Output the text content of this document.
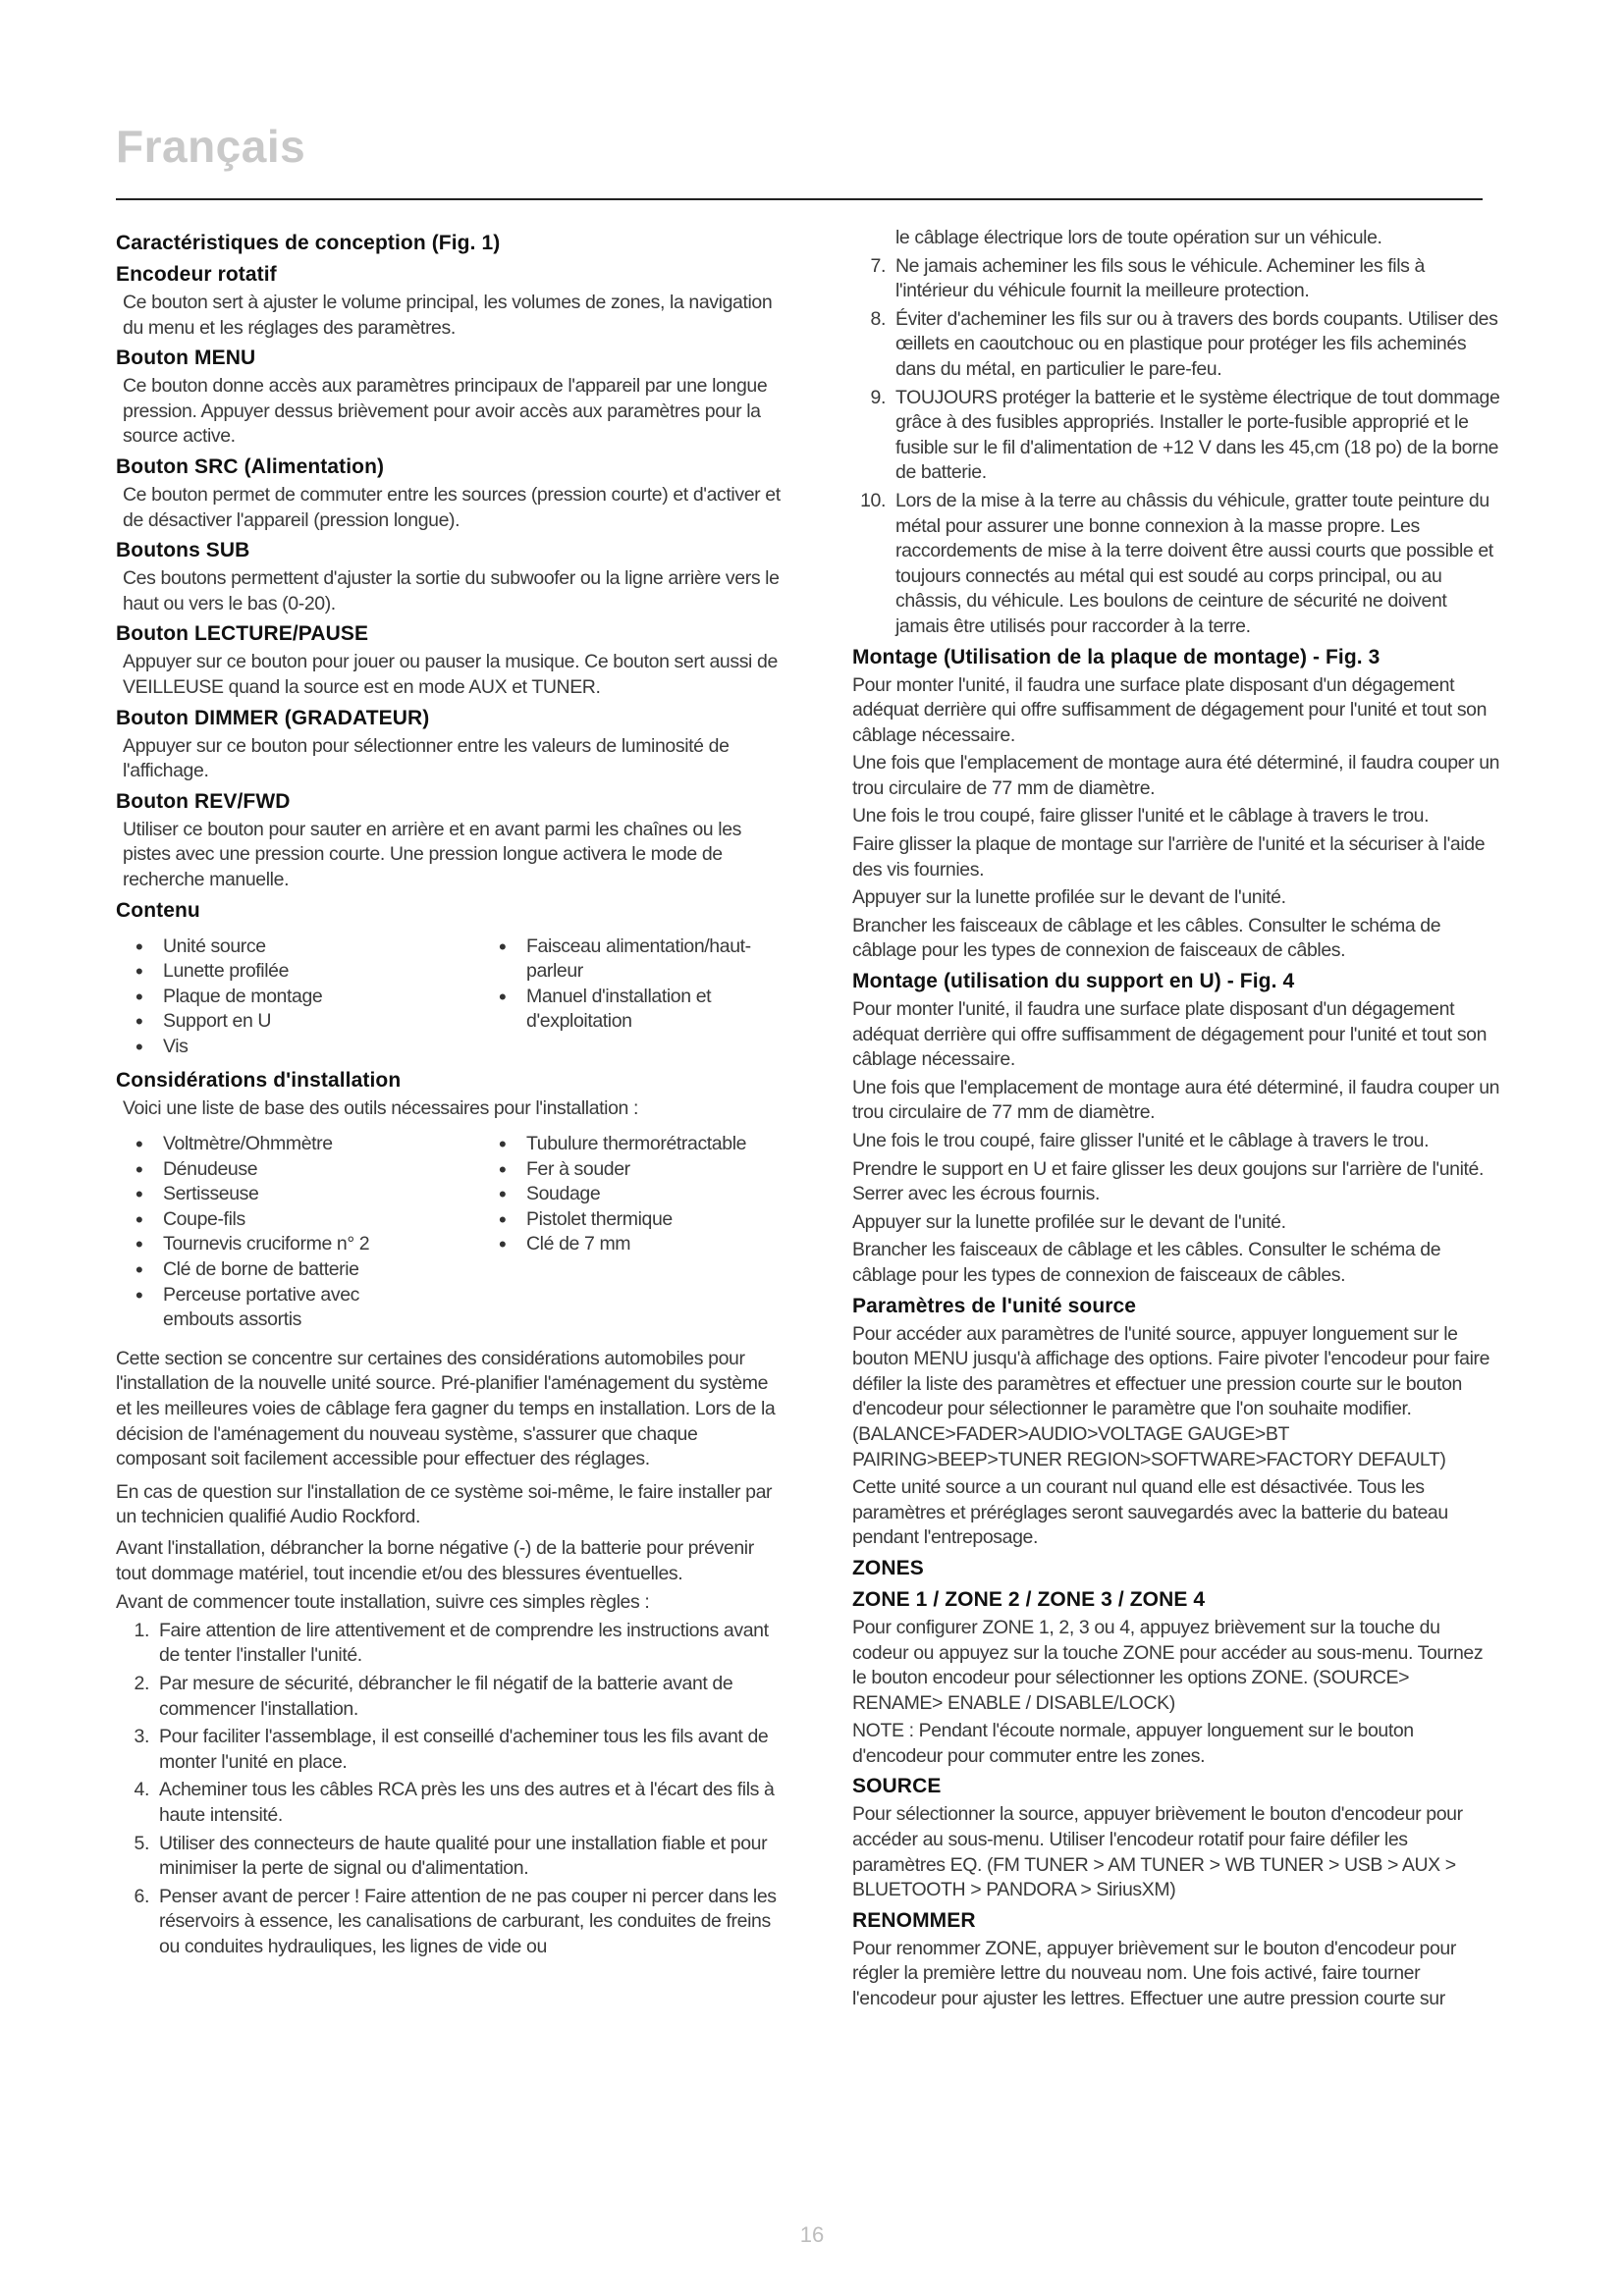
Français
Caractéristiques de conception (Fig. 1)
Encodeur rotatif

Ce bouton sert à ajuster le volume principal, les volumes de zones, la navigation du menu et les réglages des paramètres.

Bouton MENU

Ce bouton donne accès aux paramètres principaux de l'appareil par une longue pression. Appuyer dessus brièvement pour avoir accès aux paramètres pour la source active.

Bouton SRC (Alimentation)

Ce bouton permet de commuter entre les sources (pression courte) et d'activer et de désactiver l'appareil (pression longue).

Boutons SUB

Ces boutons permettent d'ajuster la sortie du subwoofer ou la ligne arrière vers le haut ou vers le bas (0-20).

Bouton LECTURE/PAUSE

Appuyer sur ce bouton pour jouer ou pauser la musique. Ce bouton sert aussi de VEILLEUSE quand la source est en mode AUX et TUNER.

Bouton DIMMER (GRADATEUR)

Appuyer sur ce bouton pour sélectionner entre les valeurs de luminosité de l'affichage.

Bouton REV/FWD

Utiliser ce bouton pour sauter en arrière et en avant parmi les chaînes ou les pistes avec une pression courte. Une pression longue activera le mode de recherche manuelle.

Contenu
• Unité source
• Lunette profilée
• Plaque de montage
• Support en U
• Vis
• Faisceau alimentation/haut-parleur
• Manuel d'installation et d'exploitation
Considérations d'installation

Voici une liste de base des outils nécessaires pour l'installation :

• Voltmètre/Ohmmètre
• Dénudeuse
• Sertisseuse
• Coupe-fils
• Tournevis cruciforme n° 2
• Clé de borne de batterie
• Perceuse portative avec embouts assortis
• Tubulure thermorétractable
• Fer à souder
• Soudage
• Pistolet thermique
• Clé de 7 mm

Cette section se concentre sur certaines des considérations automobiles pour l'installation de la nouvelle unité source. Pré-planifier l'aménagement du système et les meilleures voies de câblage fera gagner du temps en installation. Lors de la décision de l'aménagement du nouveau système, s'assurer que chaque composant soit facilement accessible pour effectuer des réglages.

En cas de question sur l'installation de ce système soi-même, le faire installer par un technicien qualifié Audio Rockford.

Avant l'installation, débrancher la borne négative (-) de la batterie pour prévenir tout dommage matériel, tout incendie et/ou des blessures éventuelles.

Avant de commencer toute installation, suivre ces simples règles :

1. Faire attention de lire attentivement et de comprendre les instructions avant de tenter l'installer l'unité.
2. Par mesure de sécurité, débrancher le fil négatif de la batterie avant de commencer l'installation.
3. Pour faciliter l'assemblage, il est conseillé d'acheminer tous les fils avant de monter l'unité en place.
4. Acheminer tous les câbles RCA près les uns des autres et à l'écart des fils à haute intensité.
5. Utiliser des connecteurs de haute qualité pour une installation fiable et pour minimiser la perte de signal ou d'alimentation.
6. Penser avant de percer ! Faire attention de ne pas couper ni percer dans les réservoirs à essence, les canalisations de carburant, les conduites de freins ou conduites hydrauliques, les lignes de vide ou

le câblage électrique lors de toute opération sur un véhicule.

7. Ne jamais acheminer les fils sous le véhicule. Acheminer les fils à l'intérieur du véhicule fournit la meilleure protection.
8. Éviter d'acheminer les fils sur ou à travers des bords coupants. Utiliser des œillets en caoutchouc ou en plastique pour protéger les fils acheminés dans du métal, en particulier le pare-feu.
9. TOUJOURS protéger la batterie et le système électrique de tout dommage grâce à des fusibles appropriés. Installer le porte-fusible approprié et le fusible sur le fil d'alimentation de +12 V dans les 45,cm (18 po) de la borne de batterie.
10. Lors de la mise à la terre au châssis du véhicule, gratter toute peinture du métal pour assurer une bonne connexion à la masse propre. Les raccordements de mise à la terre doivent être aussi courts que possible et toujours connectés au métal qui est soudé au corps principal, ou au châssis, du véhicule. Les boulons de ceinture de sécurité ne doivent jamais être utilisés pour raccorder à la terre.
Montage (Utilisation de la plaque de montage) - Fig. 3

Pour monter l'unité, il faudra une surface plate disposant d'un dégagement adéquat derrière qui offre suffisamment de dégagement pour l'unité et tout son câblage nécessaire.

Une fois que l'emplacement de montage aura été déterminé, il faudra couper un trou circulaire de 77 mm de diamètre.

Une fois le trou coupé, faire glisser l'unité et le câblage à travers le trou.

Faire glisser la plaque de montage sur l'arrière de l'unité et la sécuriser à l'aide des vis fournies.

Appuyer sur la lunette profilée sur le devant de l'unité.

Brancher les faisceaux de câblage et les câbles. Consulter le schéma de câblage pour les types de connexion de faisceaux de câbles.

Montage (utilisation du support en U) - Fig. 4

Pour monter l'unité, il faudra une surface plate disposant d'un dégagement adéquat derrière qui offre suffisamment de dégagement pour l'unité et tout son câblage nécessaire.

Une fois que l'emplacement de montage aura été déterminé, il faudra couper un trou circulaire de 77 mm de diamètre.

Une fois le trou coupé, faire glisser l'unité et le câblage à travers le trou.

Prendre le support en U et faire glisser les deux goujons sur l'arrière de l'unité. Serrer avec les écrous fournis.

Appuyer sur la lunette profilée sur le devant de l'unité.

Brancher les faisceaux de câblage et les câbles. Consulter le schéma de câblage pour les types de connexion de faisceaux de câbles.

Paramètres de l'unité source

Pour accéder aux paramètres de l'unité source, appuyer longuement sur le bouton MENU jusqu'à affichage des options. Faire pivoter l'encodeur pour faire défiler la liste des paramètres et effectuer une pression courte sur le bouton d'encodeur pour sélectionner le paramètre que l'on souhaite modifier. (BALANCE>FADER>AUDIO>VOLTAGE GAUGE>BT PAIRING>BEEP>TUNER REGION>SOFTWARE>FACTORY DEFAULT)

Cette unité source a un courant nul quand elle est désactivée. Tous les paramètres et préréglages seront sauvegardés avec la batterie du bateau pendant l'entreposage.

ZONES
ZONE 1 / ZONE 2 / ZONE 3 / ZONE 4

Pour configurer ZONE 1, 2, 3 ou 4, appuyez brièvement sur la touche du codeur ou appuyez sur la touche ZONE pour accéder au sous-menu. Tournez le bouton encodeur pour sélectionner les options ZONE. (SOURCE> RENAME> ENABLE / DISABLE/LOCK)

NOTE : Pendant l'écoute normale, appuyer longuement sur le bouton d'encodeur pour commuter entre les zones.

SOURCE

Pour sélectionner la source, appuyer brièvement le bouton d'encodeur pour accéder au sous-menu. Utiliser l'encodeur rotatif pour faire défiler les paramètres EQ. (FM TUNER > AM TUNER > WB TUNER > USB > AUX > BLUETOOTH > PANDORA > SiriusXM)

RENOMMER

Pour renommer ZONE, appuyer brièvement sur le bouton d'encodeur pour régler la première lettre du nouveau nom. Une fois activé, faire tourner l'encodeur pour ajuster les lettres. Effectuer une autre pression courte sur

16
